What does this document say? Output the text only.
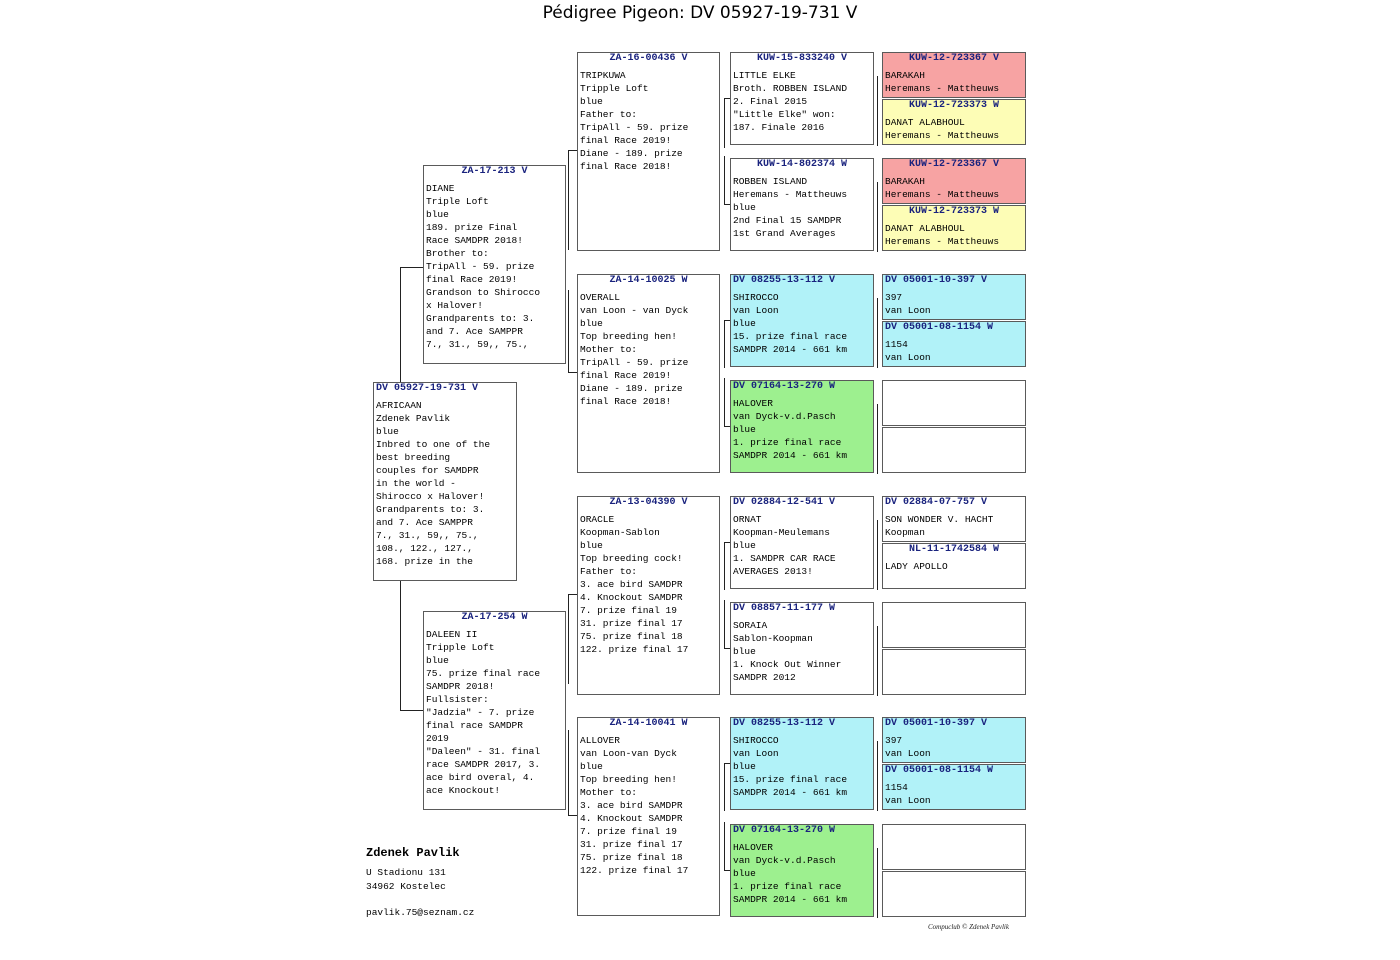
Pédigree Pigeon: DV 05927-19-731 V
DV 05927-19-731 V
AFRICAAN
Zdenek Pavlik
blue
Inbred to one of the
best breeding
couples for SAMDPR
in the world -
Shirocco x Halover!
Grandparents to: 3.
and 7. Ace SAMPPR
7., 31., 59,, 75.,
108., 122., 127.,
168. prize in the
ZA-17-213 V
DIANE
Triple Loft
blue
189. prize Final
Race SAMDPR 2018!
Brother to:
TripAll - 59. prize
final Race 2019!
Grandson to Shirocco
x Halover!
Grandparents to: 3.
and 7. Ace SAMPPR
7., 31., 59,, 75.,
ZA-17-254 W
DALEEN II
Tripple Loft
blue
75. prize final race
SAMDPR 2018!
Fullsister:
"Jadzia" - 7. prize
final race SAMDPR
2019
"Daleen" - 31. final
race SAMDPR 2017, 3.
ace bird overal, 4.
ace Knockout!
ZA-16-00436 V
TRIPKUWA
Tripple Loft
blue
Father to:
TripAll - 59. prize
final Race 2019!
Diane - 189. prize
final Race 2018!
ZA-14-10025 W
OVERALL
van Loon - van Dyck
blue
Top breeding hen!
Mother to:
TripAll - 59. prize
final Race 2019!
Diane - 189. prize
final Race 2018!
ZA-13-04390 V
ORACLE
Koopman-Sablon
blue
Top breeding cock!
Father to:
3. ace bird SAMDPR
4. Knockout SAMDPR
7. prize final 19
31. prize final 17
75. prize final 18
122. prize final 17
ZA-14-10041 W
ALLOVER
van Loon-van Dyck
blue
Top breeding hen!
Mother to:
3. ace bird SAMDPR
4. Knockout SAMDPR
7. prize final 19
31. prize final 17
75. prize final 18
122. prize final 17
KUW-15-833240 V
LITTLE ELKE
Broth. ROBBEN ISLAND
2. Final 2015
"Little Elke" won:
187. Finale 2016
KUW-14-802374 W
ROBBEN ISLAND
Heremans - Mattheuws
blue
2nd Final 15 SAMDPR
1st Grand Averages
DV 08255-13-112 V
SHIROCCO
van Loon
blue
15. prize final race
SAMDPR 2014 - 661 km
DV 07164-13-270 W
HALOVER
van Dyck-v.d.Pasch
blue
1. prize final race
SAMDPR 2014 - 661 km
DV 02884-12-541 V
ORNAT
Koopman-Meulemans
blue
1. SAMDPR CAR RACE
AVERAGES 2013!
DV 08857-11-177 W
SORAIA
Sablon-Koopman
blue
1. Knock Out Winner
SAMDPR 2012
DV 08255-13-112 V
SHIROCCO
van Loon
blue
15. prize final race
SAMDPR 2014 - 661 km
DV 07164-13-270 W
HALOVER
van Dyck-v.d.Pasch
blue
1. prize final race
SAMDPR 2014 - 661 km
KUW-12-723367 V
BARAKAH
Heremans - Mattheuws
KUW-12-723373 W
DANAT ALABHOUL
Heremans - Mattheuws
KUW-12-723367 V
BARAKAH
Heremans - Mattheuws
KUW-12-723373 W
DANAT ALABHOUL
Heremans - Mattheuws
DV 05001-10-397 V
397
van Loon
DV 05001-08-1154 W
1154
van Loon
DV 02884-07-757 V
SON WONDER V. HACHT
Koopman
NL-11-1742584 W
LADY APOLLO
DV 05001-10-397 V
397
van Loon
DV 05001-08-1154 W
1154
van Loon
Zdenek Pavlik
U Stadionu 131
34962 Kostelec
pavlik.75@seznam.cz
Compuclub © Zdenek Pavlik
